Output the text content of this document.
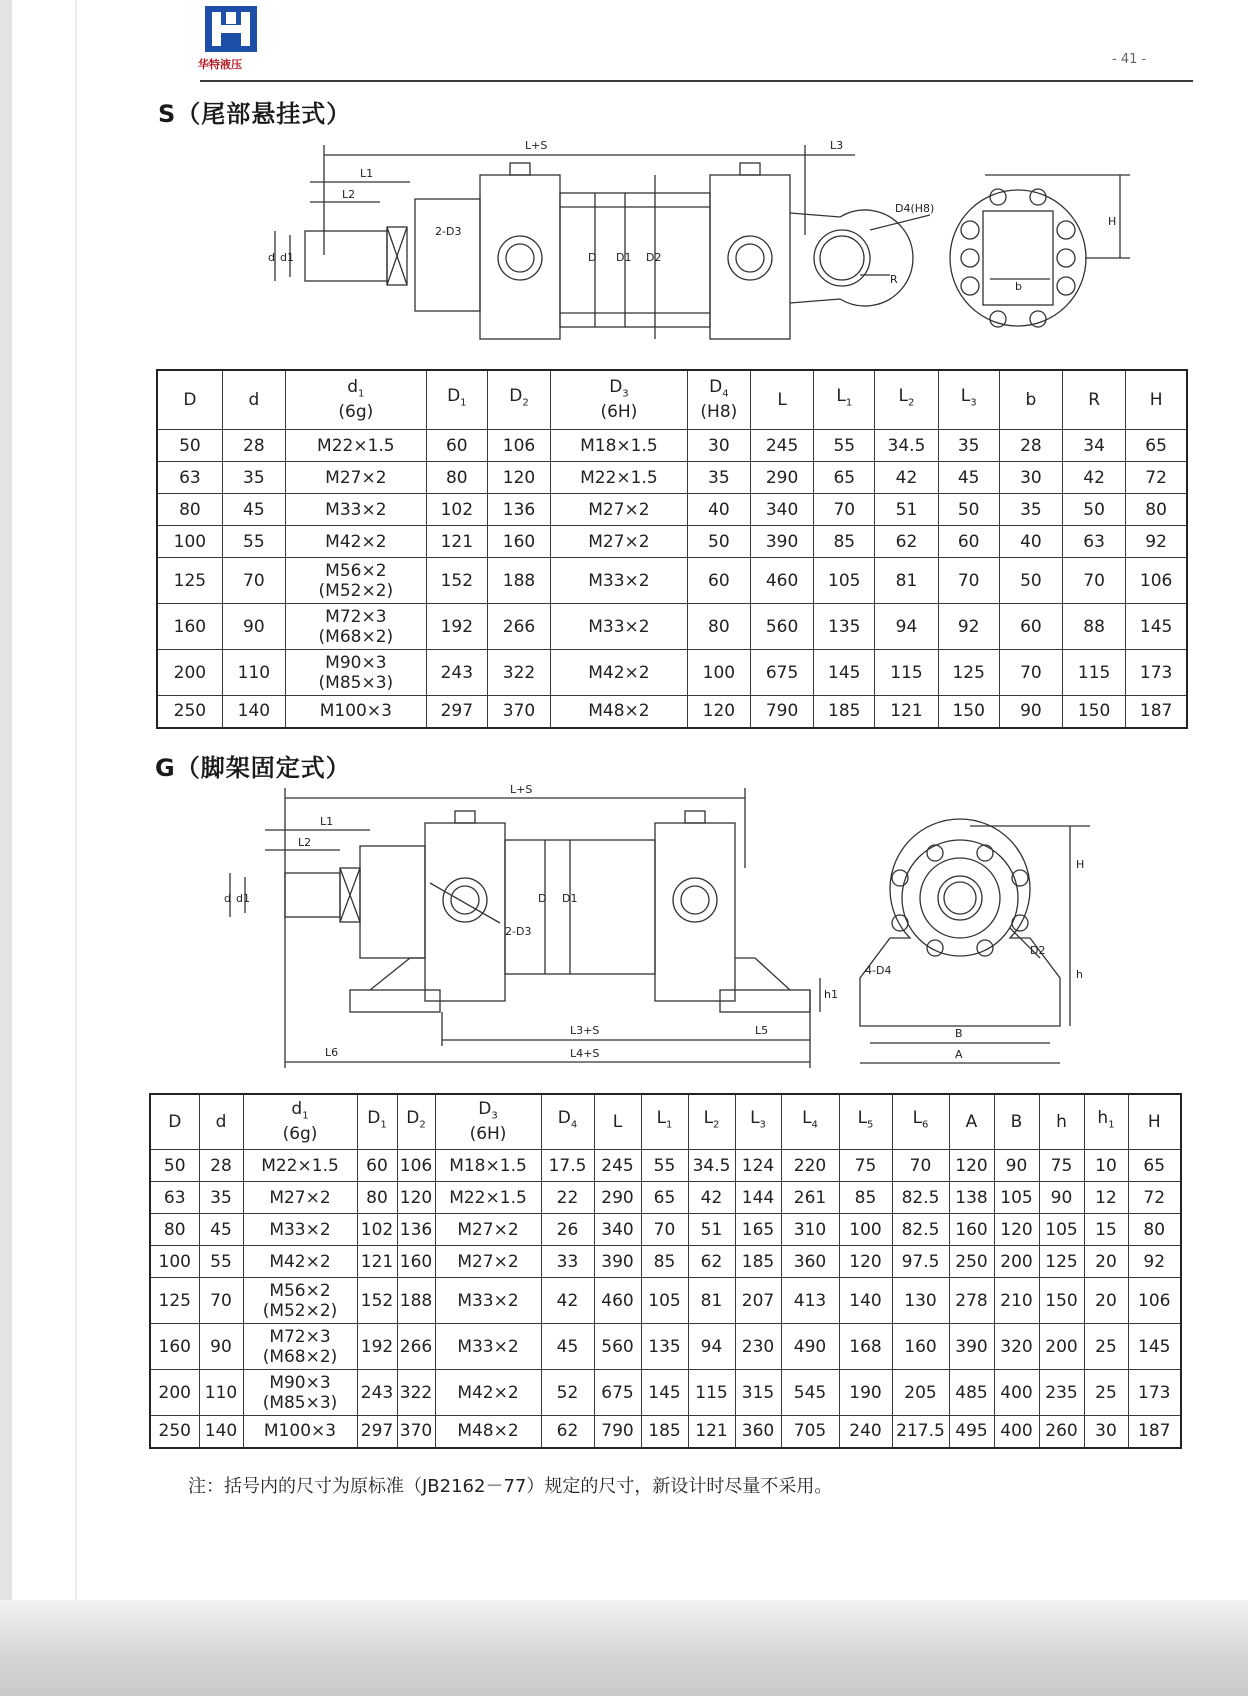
华特液压	- 41 -
S（尾部悬挂式）
L+S	L3
L1
L2
d d1
2-D3
D D1 D2
D4(H8)
R
H
b
D	d	$d_1$
(6g)	$D_1$	$D_2$	$D_3$
(6H)	$D_4$
(H8)	L	$L_1$	$L_2$	$L_3$	b	R	H
50	28	M22×1.5	60	106	M18×1.5	30	245	55	34.5	35	28	34	65
63	35	M27×2	80	120	M22×1.5	35	290	65	42	45	30	42	72
80	45	M33×2	102	136	M27×2	40	340	70	51	50	35	50	80
100	55	M42×2	121	160	M27×2	50	390	85	62	60	40	63	92
125	70	M56×2
(M52×2)	152	188	M33×2	60	460	105	81	70	50	70	106
160	90	M72×3
(M68×2)	192	266	M33×2	80	560	135	94	92	60	88	145
200	110	M90×3
(M85×3)	243	322	M42×2	100	675	145	115	125	70	115	173
250	140	M100×3	297	370	M48×2	120	790	185	121	150	90	150	187
G（脚架固定式）
L+S
L1
L2
d d1	D D1
2-D3
h1
L3+S	L5
L6	L4+S
H
4-D4
D2
h
B
A
D	d	$d_1$
(6g)	$D_1$	$D_2$	$D_3$
(6H)	$D_4$	L	$L_1$	$L_2$	$L_3$	$L_4$	$L_5$	$L_6$	A	B	h	$h_1$	H
50	28	M22×1.5	60	106	M18×1.5	17.5	245	55	34.5	124	220	75	70	120	90	75	10	65
63	35	M27×2	80	120	M22×1.5	22	290	65	42	144	261	85	82.5	138	105	90	12	72
80	45	M33×2	102	136	M27×2	26	340	70	51	165	310	100	82.5	160	120	105	15	80
100	55	M42×2	121	160	M27×2	33	390	85	62	185	360	120	97.5	250	200	125	20	92
125	70	M56×2
(M52×2)	152	188	M33×2	42	460	105	81	207	413	140	130	278	210	150	20	106
160	90	M72×3
(M68×2)	192	266	M33×2	45	560	135	94	230	490	168	160	390	320	200	25	145
200	110	M90×3
(M85×3)	243	322	M42×2	52	675	145	115	315	545	190	205	485	400	235	25	173
250	140	M100×3	297	370	M48×2	62	790	185	121	360	705	240	217.5	495	400	260	30	187
注：括号内的尺寸为原标准（JB2162－77）规定的尺寸，新设计时尽量不采用。
